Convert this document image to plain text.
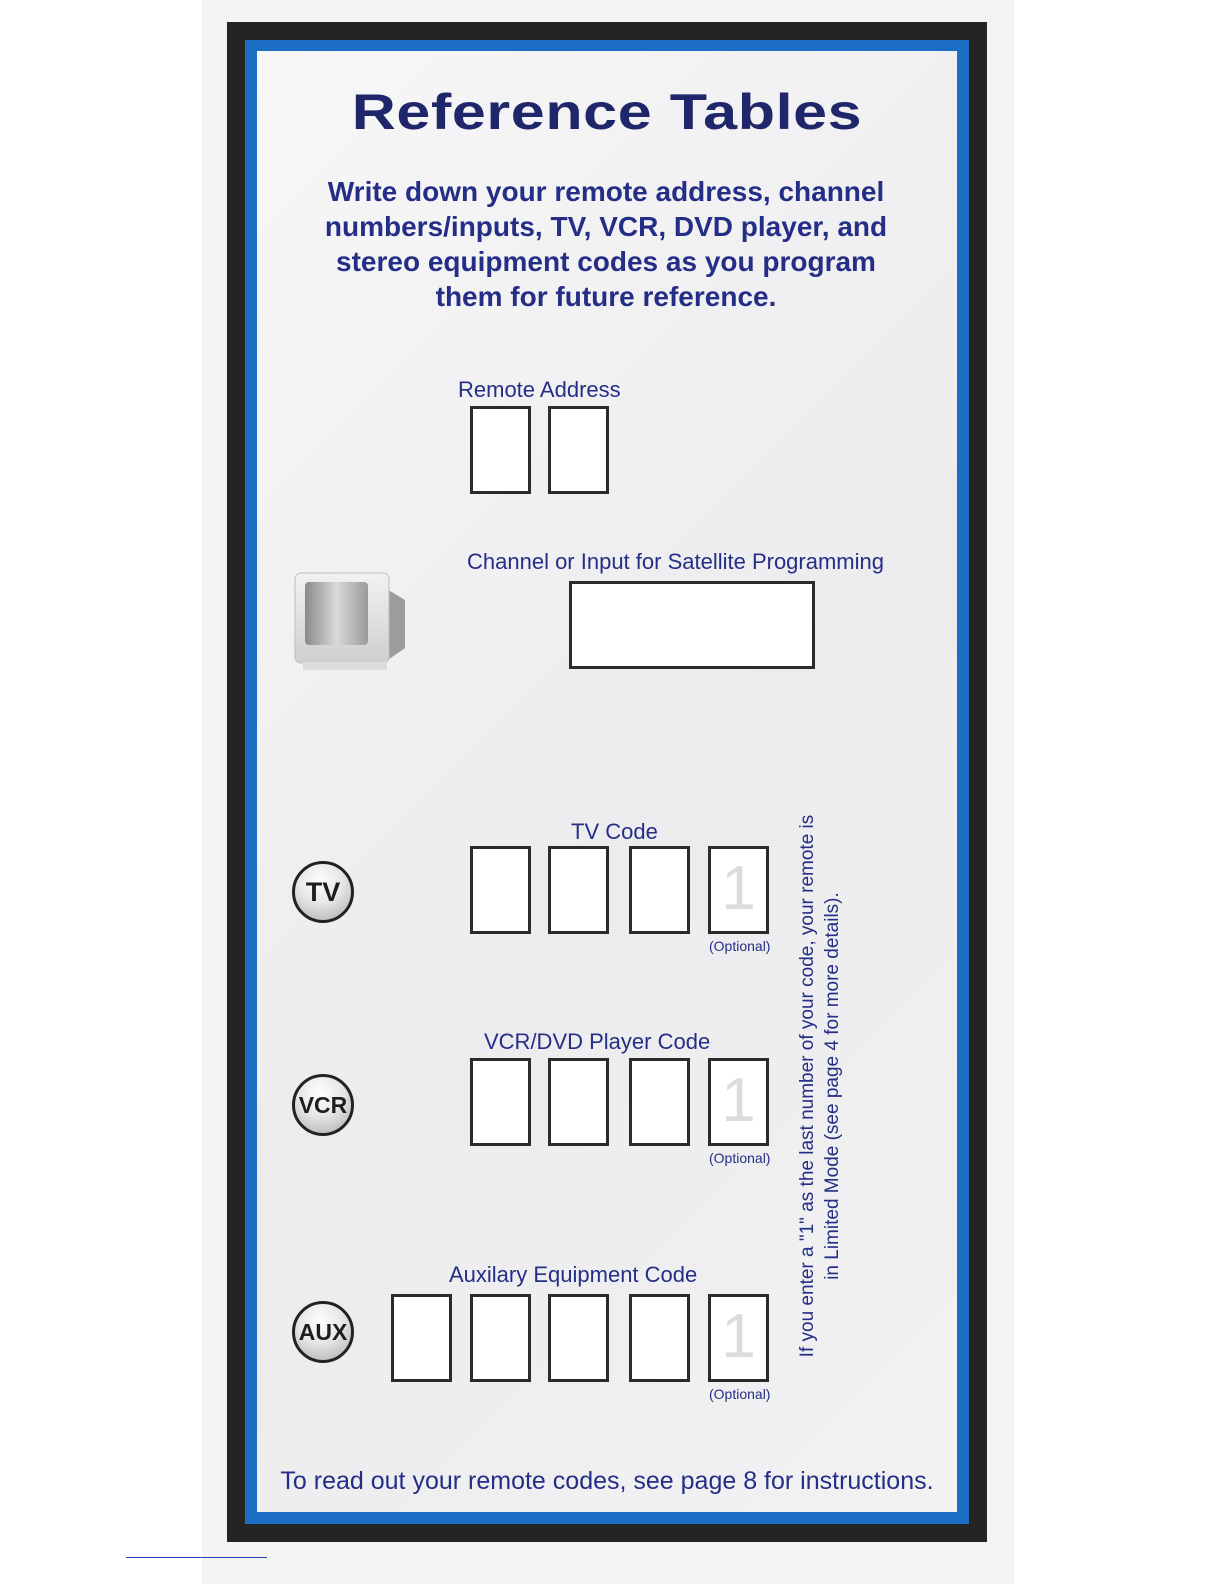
Reference Tables
Write down your remote address, channel numbers/inputs, TV, VCR, DVD player, and stereo equipment codes as you program them for future reference.
Remote Address
Channel or Input for Satellite Programming
TV
TV Code
1
(Optional)
VCR
VCR/DVD Player Code
1
(Optional)
AUX
Auxilary Equipment Code
1
(Optional)
If you enter a "1" as the last number of your code, your remote is in Limited Mode (see page 4 for more details).
To read out your remote codes, see page 8 for instructions.
